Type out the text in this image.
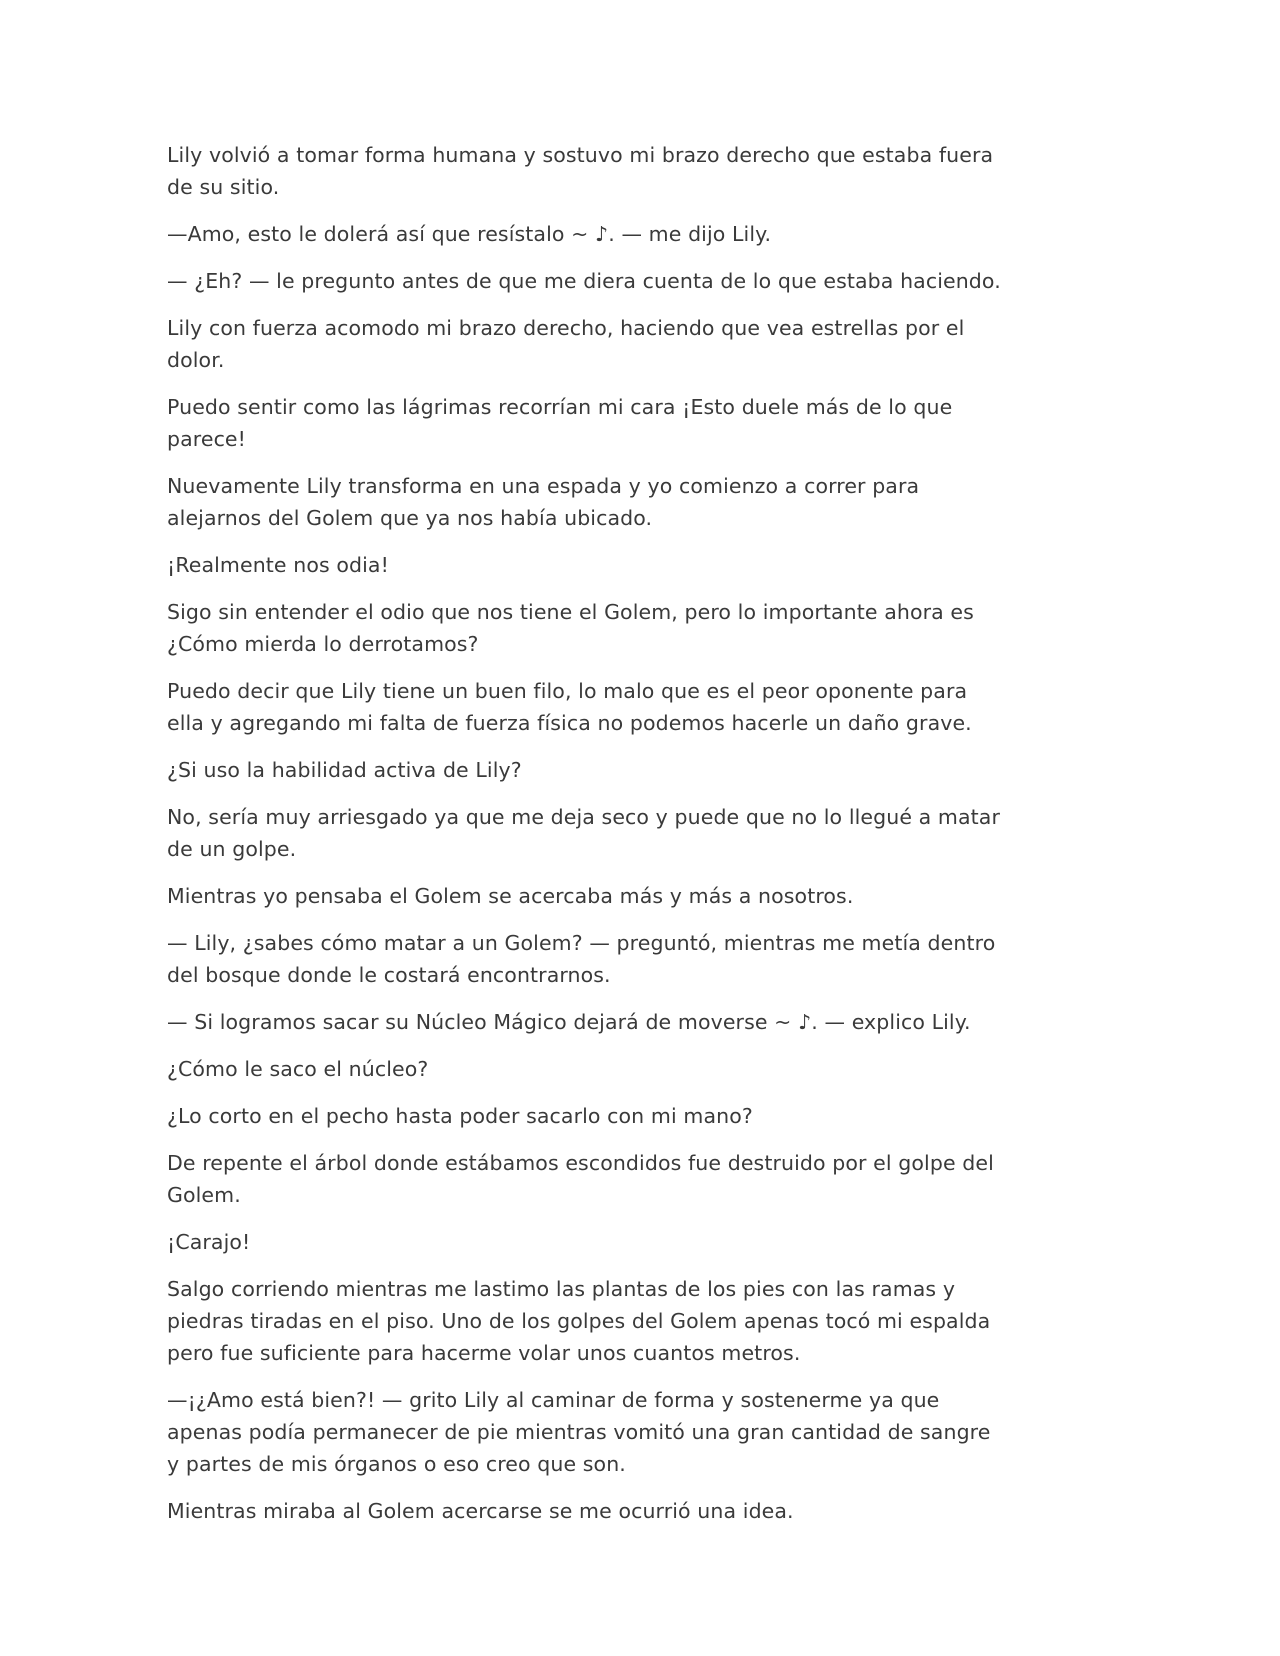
Lily volvió a tomar forma humana y sostuvo mi brazo derecho que estaba fuera de su sitio.

—Amo, esto le dolerá así que resístalo ~ ♪. — me dijo Lily.

— ¿Eh? — le pregunto antes de que me diera cuenta de lo que estaba haciendo.

Lily con fuerza acomodo mi brazo derecho, haciendo que vea estrellas por el dolor.

Puedo sentir como las lágrimas recorrían mi cara ¡Esto duele más de lo que parece!

Nuevamente Lily transforma en una espada y yo comienzo a correr para alejarnos del Golem que ya nos había ubicado.

¡Realmente nos odia!

Sigo sin entender el odio que nos tiene el Golem, pero lo importante ahora es ¿Cómo mierda lo derrotamos?

Puedo decir que Lily tiene un buen filo, lo malo que es el peor oponente para ella y agregando mi falta de fuerza física no podemos hacerle un daño grave.

¿Si uso la habilidad activa de Lily?

No, sería muy arriesgado ya que me deja seco y puede que no lo llegué a matar de un golpe.

Mientras yo pensaba el Golem se acercaba más y más a nosotros.

— Lily, ¿sabes cómo matar a un Golem? — preguntó, mientras me metía dentro del bosque donde le costará encontrarnos.

— Si logramos sacar su Núcleo Mágico dejará de moverse ~ ♪. — explico Lily.

¿Cómo le saco el núcleo?

¿Lo corto en el pecho hasta poder sacarlo con mi mano?

De repente el árbol donde estábamos escondidos fue destruido por el golpe del Golem.

¡Carajo!

Salgo corriendo mientras me lastimo las plantas de los pies con las ramas y piedras tiradas en el piso. Uno de los golpes del Golem apenas tocó mi espalda pero fue suficiente para hacerme volar unos cuantos metros.

—¡¿Amo está bien?! — grito Lily al caminar de forma y sostenerme ya que apenas podía permanecer de pie mientras vomitó una gran cantidad de sangre y partes de mis órganos o eso creo que son.

Mientras miraba al Golem acercarse se me ocurrió una idea.
